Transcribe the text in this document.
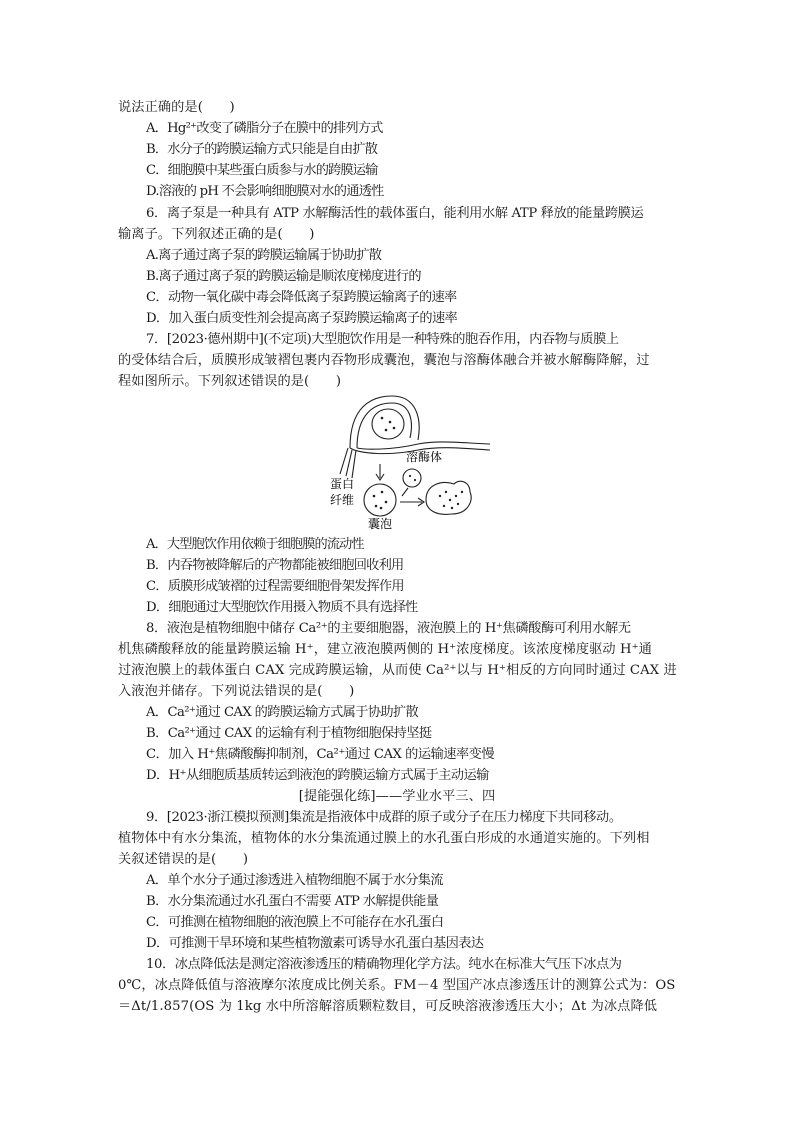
说法正确的是(　　)
A．Hg²⁺改变了磷脂分子在膜中的排列方式
B．水分子的跨膜运输方式只能是自由扩散
C．细胞膜中某些蛋白质参与水的跨膜运输
D.溶液的 pH 不会影响细胞膜对水的通透性
6．离子泵是一种具有 ATP 水解酶活性的载体蛋白，能利用水解 ATP 释放的能量跨膜运
输离子。下列叙述正确的是(　　)
A.离子通过离子泵的跨膜运输属于协助扩散
B.离子通过离子泵的跨膜运输是顺浓度梯度进行的
C．动物一氧化碳中毒会降低离子泵跨膜运输离子的速率
D．加入蛋白质变性剂会提高离子泵跨膜运输离子的速率
7．[2023·德州期中](不定项)大型胞饮作用是一种特殊的胞吞作用，内吞物与质膜上
的受体结合后，质膜形成皱褶包裹内吞物形成囊泡，囊泡与溶酶体融合并被水解酶降解，过
程如图所示。下列叙述错误的是(　　)
溶酶体
蛋白
纤维
囊泡
A．大型胞饮作用依赖于细胞膜的流动性
B．内吞物被降解后的产物都能被细胞回收利用
C．质膜形成皱褶的过程需要细胞骨架发挥作用
D．细胞通过大型胞饮作用摄入物质不具有选择性
8．液泡是植物细胞中储存 Ca²⁺的主要细胞器，液泡膜上的 H⁺焦磷酸酶可利用水解无
机焦磷酸释放的能量跨膜运输 H⁺，建立液泡膜两侧的 H⁺浓度梯度。该浓度梯度驱动 H⁺通
过液泡膜上的载体蛋白 CAX 完成跨膜运输，从而使 Ca²⁺以与 H⁺相反的方向同时通过 CAX 进
入液泡并储存。下列说法错误的是(　　)
A．Ca²⁺通过 CAX 的跨膜运输方式属于协助扩散
B．Ca²⁺通过 CAX 的运输有利于植物细胞保持坚挺
C．加入 H⁺焦磷酸酶抑制剂，Ca²⁺通过 CAX 的运输速率变慢
D．H⁺从细胞质基质转运到液泡的跨膜运输方式属于主动运输
[提能强化练]——学业水平三、四
9．[2023·浙江模拟预测]集流是指液体中成群的原子或分子在压力梯度下共同移动。
植物体中有水分集流，植物体的水分集流通过膜上的水孔蛋白形成的水通道实施的。下列相
关叙述错误的是(　　)
A．单个水分子通过渗透进入植物细胞不属于水分集流
B．水分集流通过水孔蛋白不需要 ATP 水解提供能量
C．可推测在植物细胞的液泡膜上不可能存在水孔蛋白
D．可推测干旱环境和某些植物激素可诱导水孔蛋白基因表达
10．冰点降低法是测定溶液渗透压的精确物理化学方法。纯水在标准大气压下冰点为
0℃，冰点降低值与溶液摩尔浓度成比例关系。FM－4 型国产冰点渗透压计的测算公式为：OS
＝Δt/1.857(OS 为 1kg 水中所溶解溶质颗粒数目，可反映溶液渗透压大小；Δt 为冰点降低
